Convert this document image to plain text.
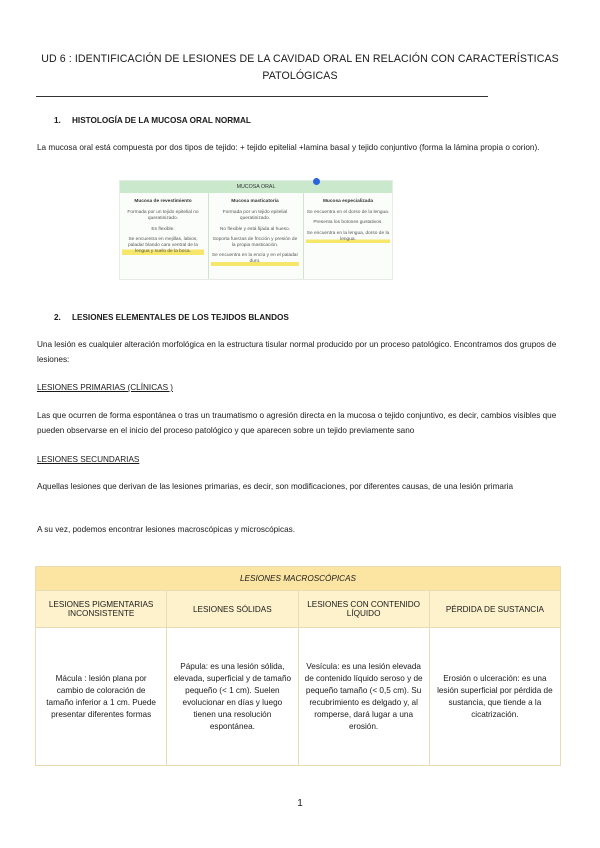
UD 6 : IDENTIFICACIÓN DE LESIONES DE LA CAVIDAD ORAL EN RELACIÓN CON CARACTERÍSTICAS PATOLÓGICAS
1. HISTOLOGÍA DE LA MUCOSA ORAL NORMAL
La mucosa oral está compuesta por dos tipos de tejido: + tejido epitelial +lamina basal y tejido conjuntivo (forma la lámina propia o corion).
MUCOSA ORAL
Mucosa de revestimiento

Formada por un tejido epitelial no queratinizado.

Es flexible.

Se encuentra en mejillas, labios, paladar blando cara ventral de la lengua y suelo de la boca.

Mucosa masticatoria

Formada por un tejido epitelial queratinizado.

No flexible y está fijada al hueso.

Soporta fuerzas de fricción y presión de la propia masticación.

Se encuentra en la encía y en el paladar duro.

Mucosa especializada

Se encuentra en el dorso de la lengua.

Presenta los botones gustativos.

Se encuentra en la lengua, dorso de la lengua.

2. LESIONES ELEMENTALES DE LOS TEJIDOS BLANDOS
Una lesión es cualquier alteración morfológica en la estructura tisular normal producido por un proceso patológico. Encontramos dos grupos de lesiones:
LESIONES PRIMARIAS (CLÍNICAS )
Las que ocurren de forma espontánea o tras un traumatismo o agresión directa en la mucosa o tejido conjuntivo, es decir, cambios visibles que pueden observarse en el inicio del proceso patológico y que aparecen sobre un tejido previamente sano
LESIONES SECUNDARIAS
Aquellas lesiones que derivan de las lesiones primarias, es decir, son modificaciones, por diferentes causas, de una lesión primaria
A su vez, podemos encontrar lesiones macroscópicas y microscópicas.
LESIONES MACROSCÓPICAS			
LESIONES PIGMENTARIAS INCONSISTENTE	LESIONES SÓLIDAS	LESIONES CON CONTENIDO LÍQUIDO	PÉRDIDA DE SUSTANCIA
Mácula : lesión plana por cambio de coloración de tamaño inferior a 1 cm. Puede presentar diferentes formas	Pápula: es una lesión sólida, elevada, superficial y de tamaño pequeño (< 1 cm). Suelen evolucionar en días y luego tienen una resolución espontánea.	Vesícula: es una lesión elevada de contenido líquido seroso y de pequeño tamaño (< 0,5 cm). Su recubrimiento es delgado y, al romperse, dará lugar a una erosión.	Erosión o ulceración: es una lesión superficial por pérdida de sustancia, que tiende a la cicatrización.
1
